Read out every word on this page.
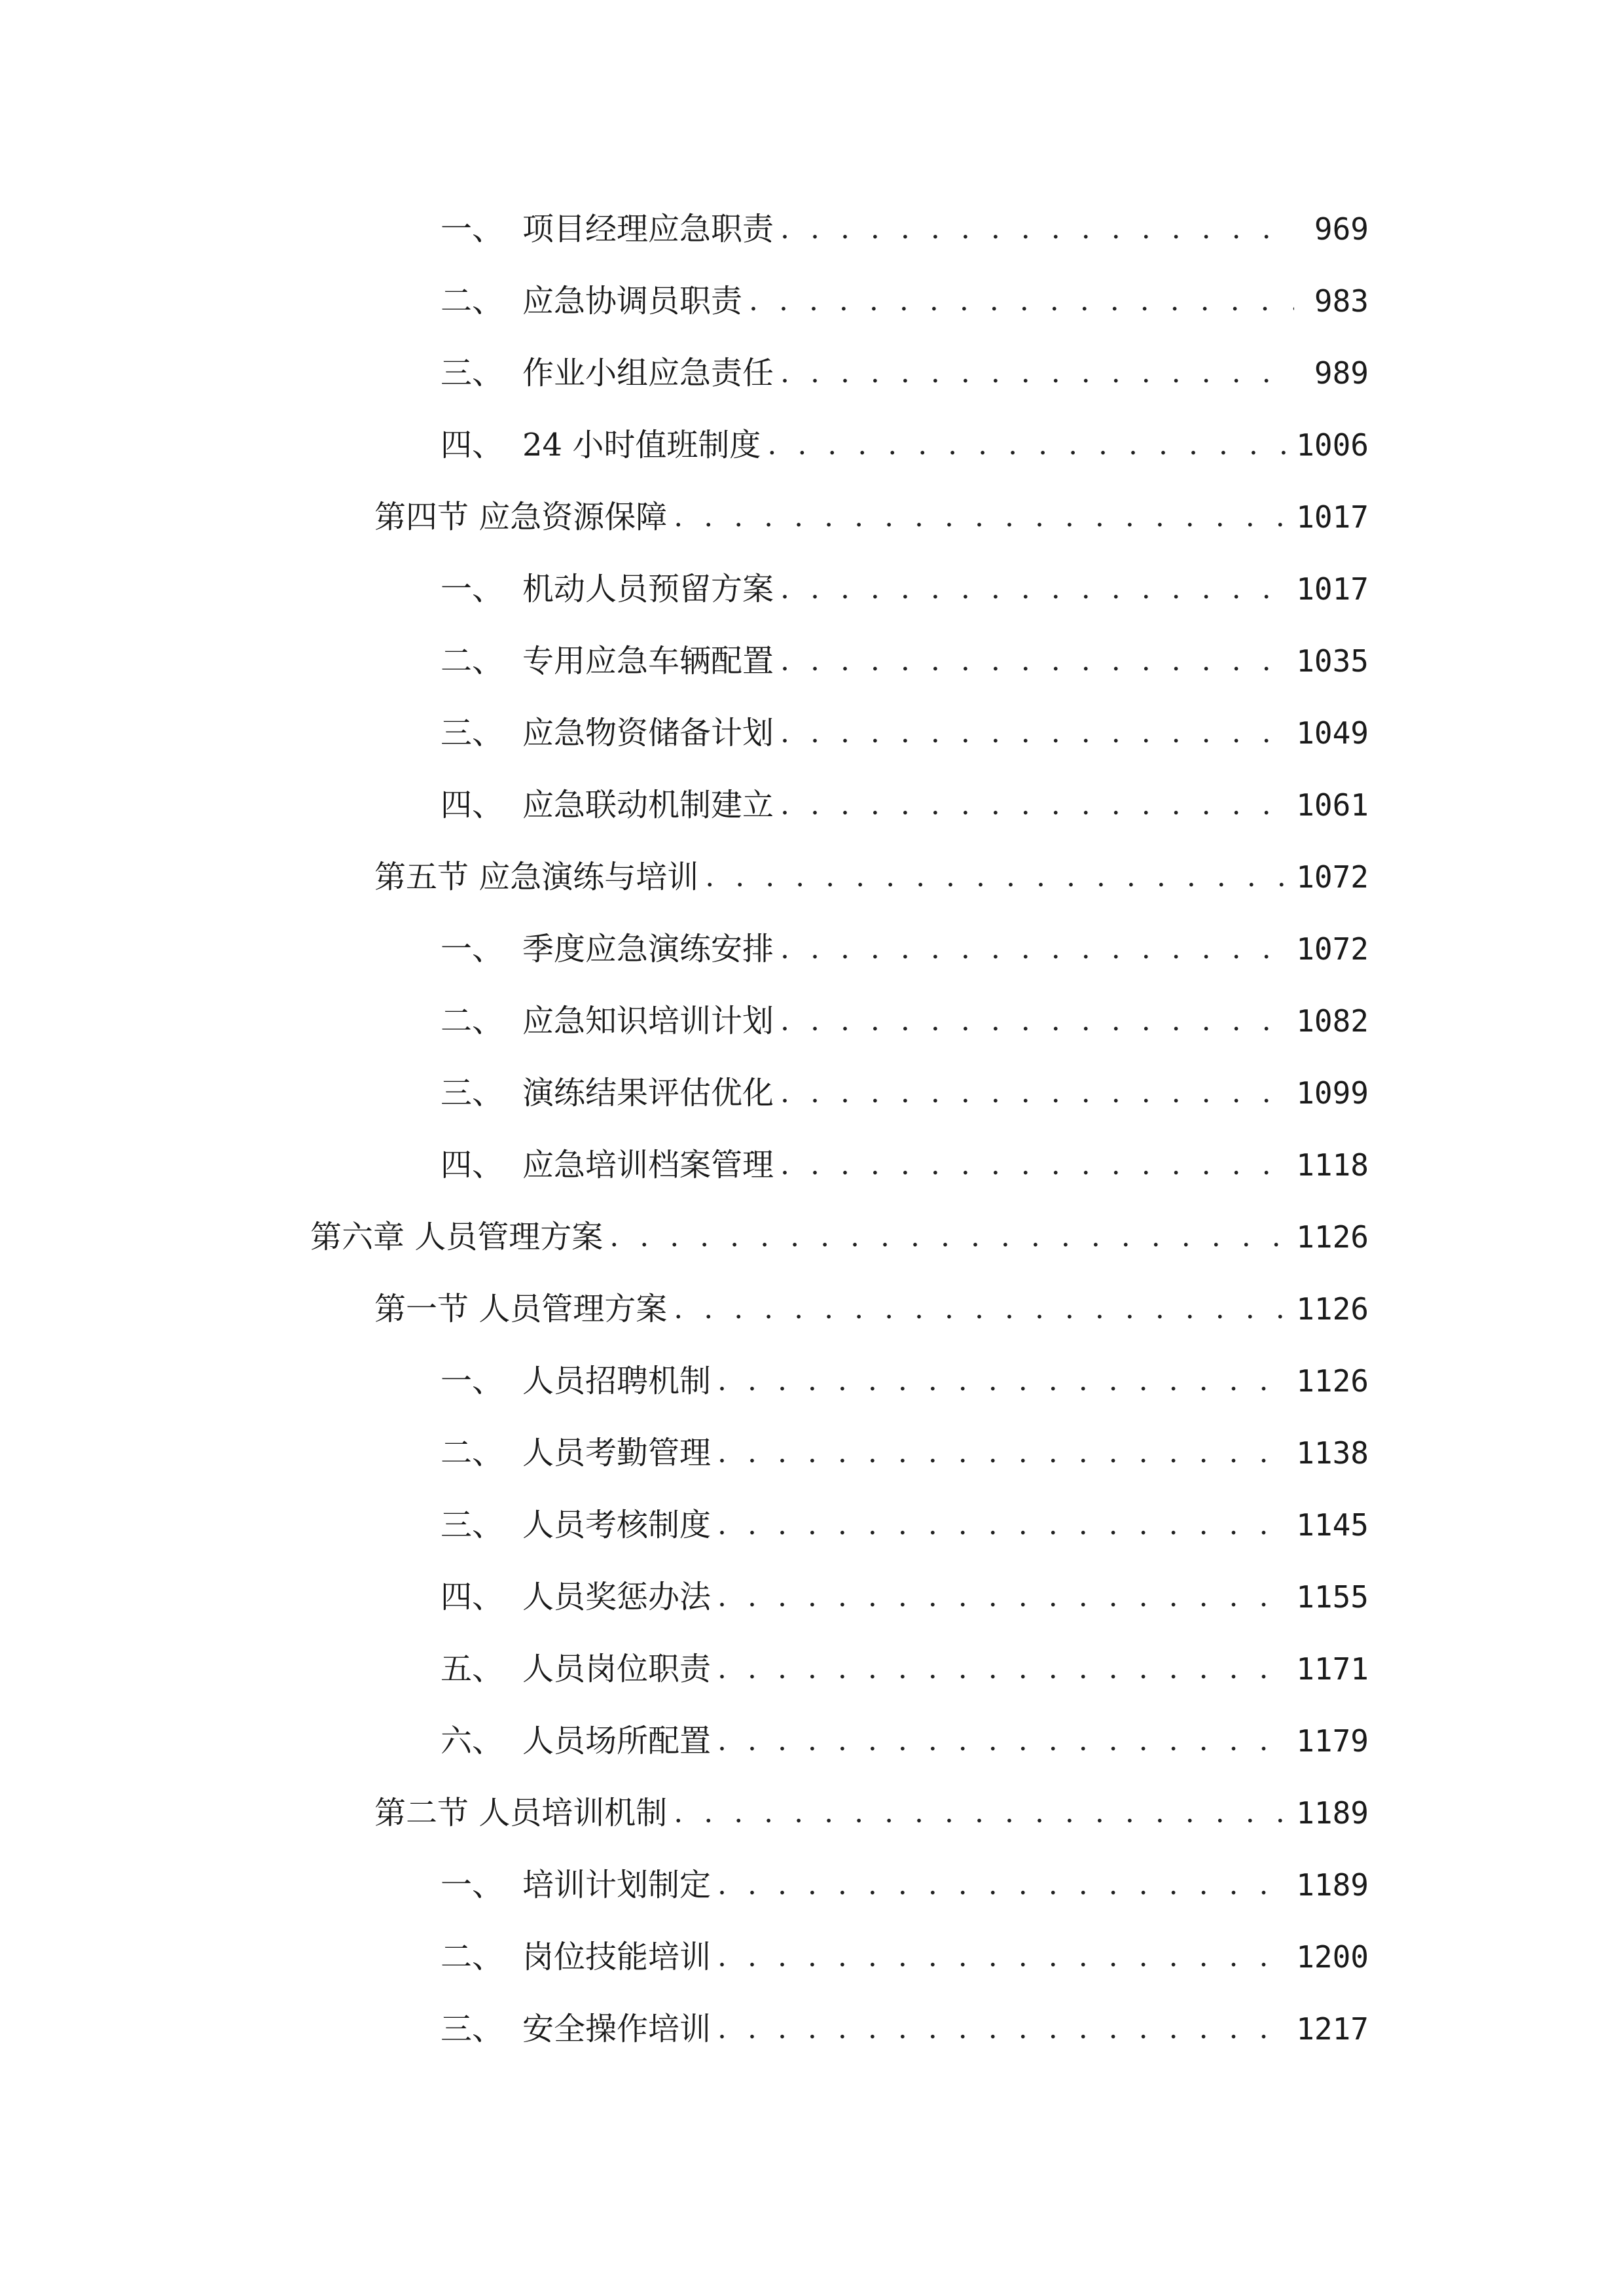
一、 项目经理应急职责 . . .	969
二、 应急协调员职责 . . .	983
三、 作业小组应急责任 . . .	989
四、 24 小时值班制度 . . .	1006
第四节 应急资源保障 . . .	1017
一、 机动人员预留方案 . . .	1017
二、 专用应急车辆配置 . . .	1035
三、 应急物资储备计划 . . .	1049
四、 应急联动机制建立 . . .	1061
第五节 应急演练与培训 . . .	1072
一、 季度应急演练安排 . . .	1072
二、 应急知识培训计划 . . .	1082
三、 演练结果评估优化 . . .	1099
四、 应急培训档案管理 . . .	1118
第六章 人员管理方案 . . .	1126
第一节 人员管理方案 . . .	1126
一、 人员招聘机制 . . .	1126
二、 人员考勤管理 . . .	1138
三、 人员考核制度 . . .	1145
四、 人员奖惩办法 . . .	1155
五、 人员岗位职责 . . .	1171
六、 人员场所配置 . . .	1179
第二节 人员培训机制 . . .	1189
一、 培训计划制定 . . .	1189
二、 岗位技能培训 . . .	1200
三、 安全操作培训 . . .	1217
